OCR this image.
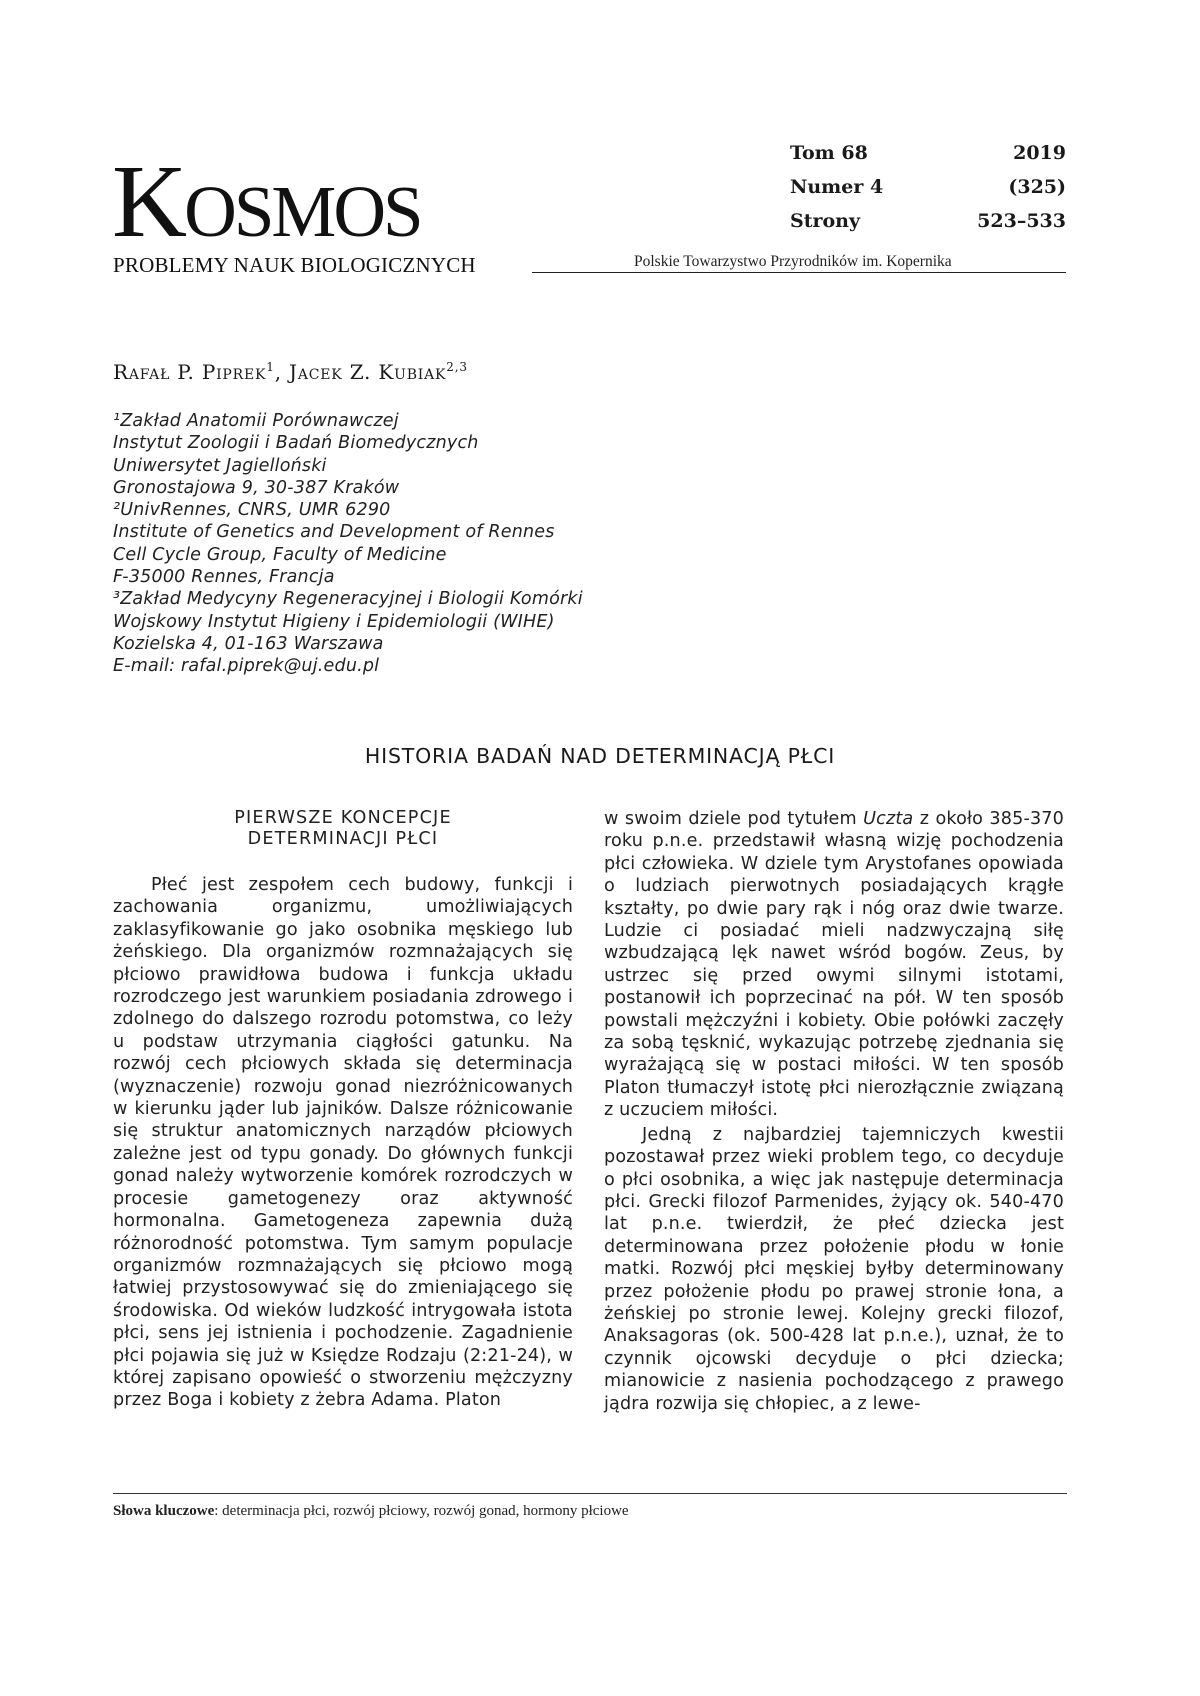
Kosmos
PROBLEMY NAUK BIOLOGICZNYCH	Polskie Towarzystwo Przyrodników im. Kopernika
Tom 68	2019
Numer 4	(325)
Strony	523–533
Rafał P. Piprek$^1$, Jacek Z. Kubiak$^{2,3}$
¹Zakład Anatomii Porównawczej
Instytut Zoologii i Badań Biomedycznych
Uniwersytet Jagielloński
Gronostajowa 9, 30-387 Kraków
²UnivRennes, CNRS, UMR 6290
Institute of Genetics and Development of Rennes
Cell Cycle Group, Faculty of Medicine
F-35000 Rennes, Francja
³Zakład Medycyny Regeneracyjnej i Biologii Komórki
Wojskowy Instytut Higieny i Epidemiologii (WIHE)
Kozielska 4, 01-163 Warszawa
E-mail: rafal.piprek@uj.edu.pl
HISTORIA BADAŃ NAD DETERMINACJĄ PŁCI
PIERWSZE KONCEPCJE
DETERMINACJI PŁCI

Płeć jest zespołem cech budowy, funkcji i zachowania organizmu, umożliwiających zaklasyfikowanie go jako osobnika męskiego lub żeńskiego. Dla organizmów rozmnażających się płciowo prawidłowa budowa i funkcja układu rozrodczego jest warunkiem posiadania zdrowego i zdolnego do dalszego rozrodu potomstwa, co leży u podstaw utrzymania ciągłości gatunku. Na rozwój cech płciowych składa się determinacja (wyznaczenie) rozwoju gonad niezróżnicowanych w kierunku jąder lub jajników. Dalsze różnicowanie się struktur anatomicznych narządów płciowych zależne jest od typu gonady. Do głównych funkcji gonad należy wytworzenie komórek rozrodczych w procesie gametogenezy oraz aktywność hormonalna. Gametogeneza zapewnia dużą różnorodność potomstwa. Tym samym populacje organizmów rozmnażających się płciowo mogą łatwiej przystosowywać się do zmieniającego się środowiska. Od wieków ludzkość intrygowała istota płci, sens jej istnienia i pochodzenie. Zagadnienie płci pojawia się już w Księdze Rodzaju (2:21-24), w której zapisano opowieść o stworzeniu mężczyzny przez Boga i kobiety z żebra Adama. Platon

w swoim dziele pod tytułem Uczta z około 385-370 roku p.n.e. przedstawił własną wizję pochodzenia płci człowieka. W dziele tym Arystofanes opowiada o ludziach pierwotnych posiadających krągłe kształty, po dwie pary rąk i nóg oraz dwie twarze. Ludzie ci posiadać mieli nadzwyczajną siłę wzbudzającą lęk nawet wśród bogów. Zeus, by ustrzec się przed owymi silnymi istotami, postanowił ich poprzecinać na pół. W ten sposób powstali mężczyźni i kobiety. Obie połówki zaczęły za sobą tęsknić, wykazując potrzebę zjednania się wyrażającą się w postaci miłości. W ten sposób Platon tłumaczył istotę płci nierozłącznie związaną z uczuciem miłości.

Jedną z najbardziej tajemniczych kwestii pozostawał przez wieki problem tego, co decyduje o płci osobnika, a więc jak następuje determinacja płci. Grecki filozof Parmenides, żyjący ok. 540-470 lat p.n.e. twierdził, że płeć dziecka jest determinowana przez położenie płodu w łonie matki. Rozwój płci męskiej byłby determinowany przez położenie płodu po prawej stronie łona, a żeńskiej po stronie lewej. Kolejny grecki filozof, Anaksagoras (ok. 500-428 lat p.n.e.), uznał, że to czynnik ojcowski decyduje o płci dziecka; mianowicie z nasienia pochodzącego z prawego jądra rozwija się chłopiec, a z lewe-

Słowa kluczowe: determinacja płci, rozwój płciowy, rozwój gonad, hormony płciowe
